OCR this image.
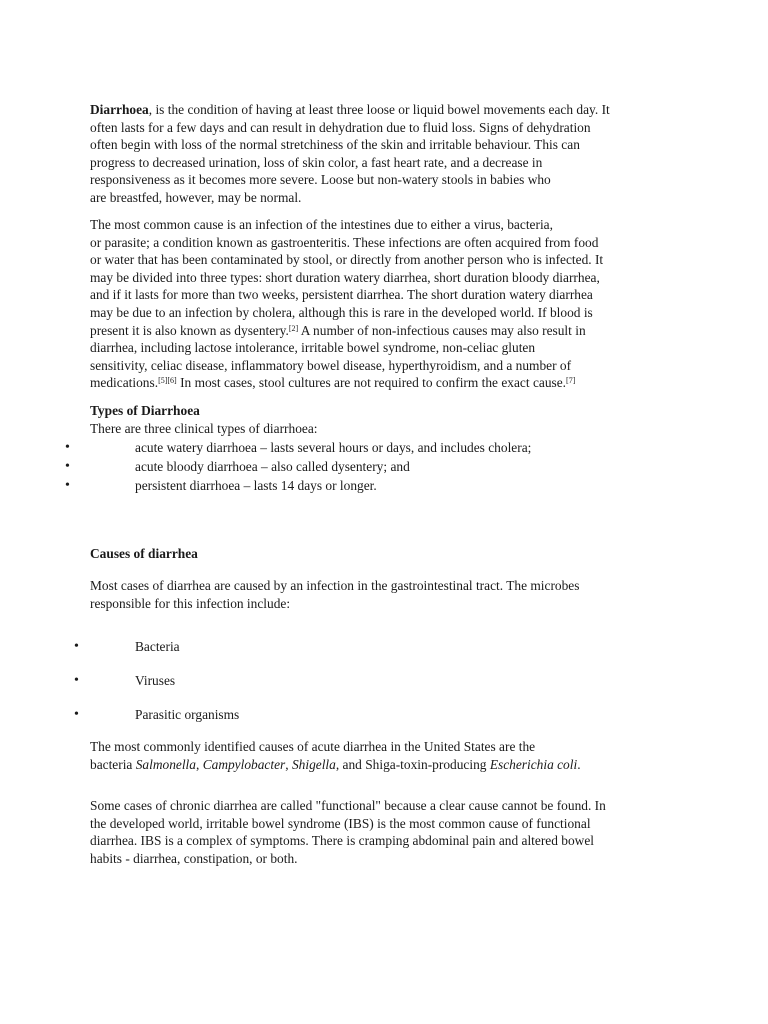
Diarrhoea, is the condition of having at least three loose or liquid bowel movements each day. It
often lasts for a few days and can result in dehydration due to fluid loss. Signs of dehydration
often begin with loss of the normal stretchiness of the skin and irritable behaviour. This can
progress to decreased urination, loss of skin color, a fast heart rate, and a decrease in
responsiveness as it becomes more severe. Loose but non-watery stools in babies who
are breastfed, however, may be normal.
The most common cause is an infection of the intestines due to either a virus, bacteria,
or parasite; a condition known as gastroenteritis. These infections are often acquired from food
or water that has been contaminated by stool, or directly from another person who is infected. It
may be divided into three types: short duration watery diarrhea, short duration bloody diarrhea,
and if it lasts for more than two weeks, persistent diarrhea. The short duration watery diarrhea
may be due to an infection by cholera, although this is rare in the developed world. If blood is
present it is also known as dysentery.[2] A number of non-infectious causes may also result in
diarrhea, including lactose intolerance, irritable bowel syndrome, non-celiac gluten
sensitivity, celiac disease, inflammatory bowel disease, hyperthyroidism, and a number of
medications.[5][6] In most cases, stool cultures are not required to confirm the exact cause.[7]
Types of Diarrhoea
There are three clinical types of diarrhoea:
•	acute watery diarrhoea – lasts several hours or days, and includes cholera;
•	acute bloody diarrhoea – also called dysentery; and
•	persistent diarrhoea – lasts 14 days or longer.
Causes of diarrhea
Most cases of diarrhea are caused by an infection in the gastrointestinal tract. The microbes
responsible for this infection include:
•	Bacteria
•	Viruses
•	Parasitic organisms
The most commonly identified causes of acute diarrhea in the United States are the
bacteria Salmonella, Campylobacter, Shigella, and Shiga-toxin-producing Escherichia coli.
Some cases of chronic diarrhea are called "functional" because a clear cause cannot be found. In
the developed world, irritable bowel syndrome (IBS) is the most common cause of functional
diarrhea. IBS is a complex of symptoms. There is cramping abdominal pain and altered bowel
habits - diarrhea, constipation, or both.
